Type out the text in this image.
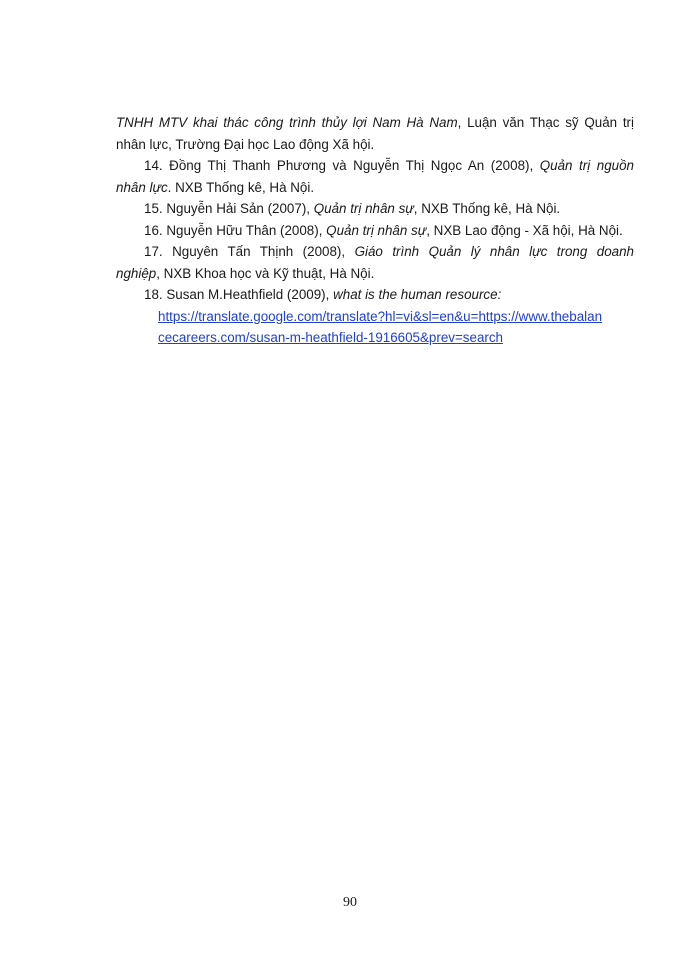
TNHH MTV khai thác công trình thủy lợi Nam Hà Nam, Luận văn Thạc sỹ Quản trị
nhân lực, Trường Đại học Lao động Xã hội.
14. Đồng Thị Thanh Phương và Nguyễn Thị Ngọc An (2008), Quản trị nguồn
nhân lực. NXB Thống kê, Hà Nội.
15. Nguyễn Hải Sản (2007), Quản trị nhân sự, NXB Thống kê, Hà Nội.
16. Nguyễn Hữu Thân (2008), Quản trị nhân sự, NXB Lao động - Xã hội, Hà Nội.
17. Nguyên Tấn Thịnh (2008), Giáo trình Quản lý nhân lực trong doanh
nghiệp, NXB Khoa học và Kỹ thuật, Hà Nội.
18. Susan M.Heathfield (2009), what is the human resource:
https://translate.google.com/translate?hl=vi&sl=en&u=https://www.thebalan
cecareers.com/susan-m-heathfield-1916605&prev=search
90
